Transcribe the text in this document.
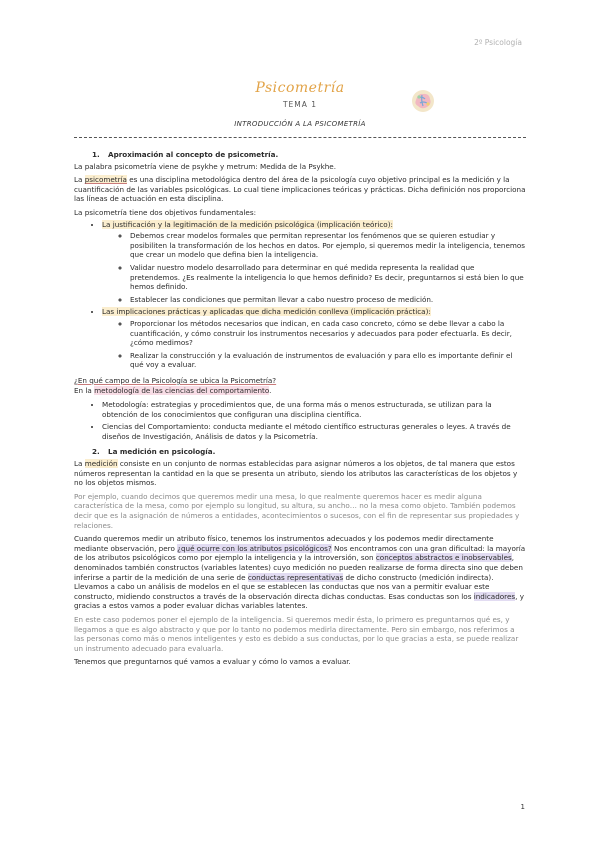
2º Psicología
Psicometría
TEMA 1
INTRODUCCIÓN A LA PSICOMETRÍA
1. Aproximación al concepto de psicometría.

La palabra psicometría viene de psykhe y metrum: Medida de la Psykhe.

La psicometría es una disciplina metodológica dentro del área de la psicología cuyo objetivo principal es la medición y la cuantificación de las variables psicológicas. Lo cual tiene implicaciones teóricas y prácticas. Dicha definición nos proporciona las líneas de actuación en esta disciplina.

La psicometría tiene dos objetivos fundamentales:

• La justificación y la legitimación de la medición psicológica (implicación teórico):
◦ Debemos crear modelos formales que permitan representar los fenómenos que se quieren estudiar y posibiliten la transformación de los hechos en datos. Por ejemplo, si queremos medir la inteligencia, tenemos que crear un modelo que defina bien la inteligencia.
◦ Validar nuestro modelo desarrollado para determinar en qué medida representa la realidad que pretendemos. ¿Es realmente la inteligencia lo que hemos definido? Es decir, preguntarnos si está bien lo que hemos definido.
◦ Establecer las condiciones que permitan llevar a cabo nuestro proceso de medición.
• Las implicaciones prácticas y aplicadas que dicha medición conlleva (implicación práctica):
◦ Proporcionar los métodos necesarios que indican, en cada caso concreto, cómo se debe llevar a cabo la cuantificación, y cómo construir los instrumentos necesarios y adecuados para poder efectuarla. Es decir, ¿cómo medimos?
◦ Realizar la construcción y la evaluación de instrumentos de evaluación y para ello es importante definir el qué voy a evaluar.

¿En qué campo de la Psicología se ubica la Psicometría?

En la metodología de las ciencias del comportamiento.

• Metodología: estrategias y procedimientos que, de una forma más o menos estructurada, se utilizan para la obtención de los conocimientos que configuran una disciplina científica.
• Ciencias del Comportamiento: conducta mediante el método científico estructuras generales o leyes. A través de diseños de Investigación, Análisis de datos y la Psicometría.
2. La medición en psicología.

La medición consiste en un conjunto de normas establecidas para asignar números a los objetos, de tal manera que estos números representan la cantidad en la que se presenta un atributo, siendo los atributos las características de los objetos y no los objetos mismos.

Por ejemplo, cuando decimos que queremos medir una mesa, lo que realmente queremos hacer es medir alguna característica de la mesa, como por ejemplo su longitud, su altura, su ancho… no la mesa como objeto. También podemos decir que es la asignación de números a entidades, acontecimientos o sucesos, con el fin de representar sus propiedades y relaciones.

Cuando queremos medir un atributo físico, tenemos los instrumentos adecuados y los podemos medir directamente mediante observación, pero ¿qué ocurre con los atributos psicológicos? Nos encontramos con una gran dificultad: la mayoría de los atributos psicológicos como por ejemplo la inteligencia y la introversión, son conceptos abstractos e inobservables, denominados también constructos (variables latentes) cuyo medición no pueden realizarse de forma directa sino que deben inferirse a partir de la medición de una serie de conductas representativas de dicho constructo (medición indirecta). Llevamos a cabo un análisis de modelos en el que se establecen las conductas que nos van a permitir evaluar este constructo, midiendo constructos a través de la observación directa dichas conductas. Esas conductas son los indicadores, y gracias a estos vamos a poder evaluar dichas variables latentes.

En este caso podemos poner el ejemplo de la inteligencia. Si queremos medir ésta, lo primero es preguntarnos qué es, y llegamos a que es algo abstracto y que por lo tanto no podemos medirla directamente. Pero sin embargo, nos referimos a las personas como más o menos inteligentes y esto es debido a sus conductas, por lo que gracias a esta, se puede realizar un instrumento adecuado para evaluarla.

Tenemos que preguntarnos qué vamos a evaluar y cómo lo vamos a evaluar.

1
